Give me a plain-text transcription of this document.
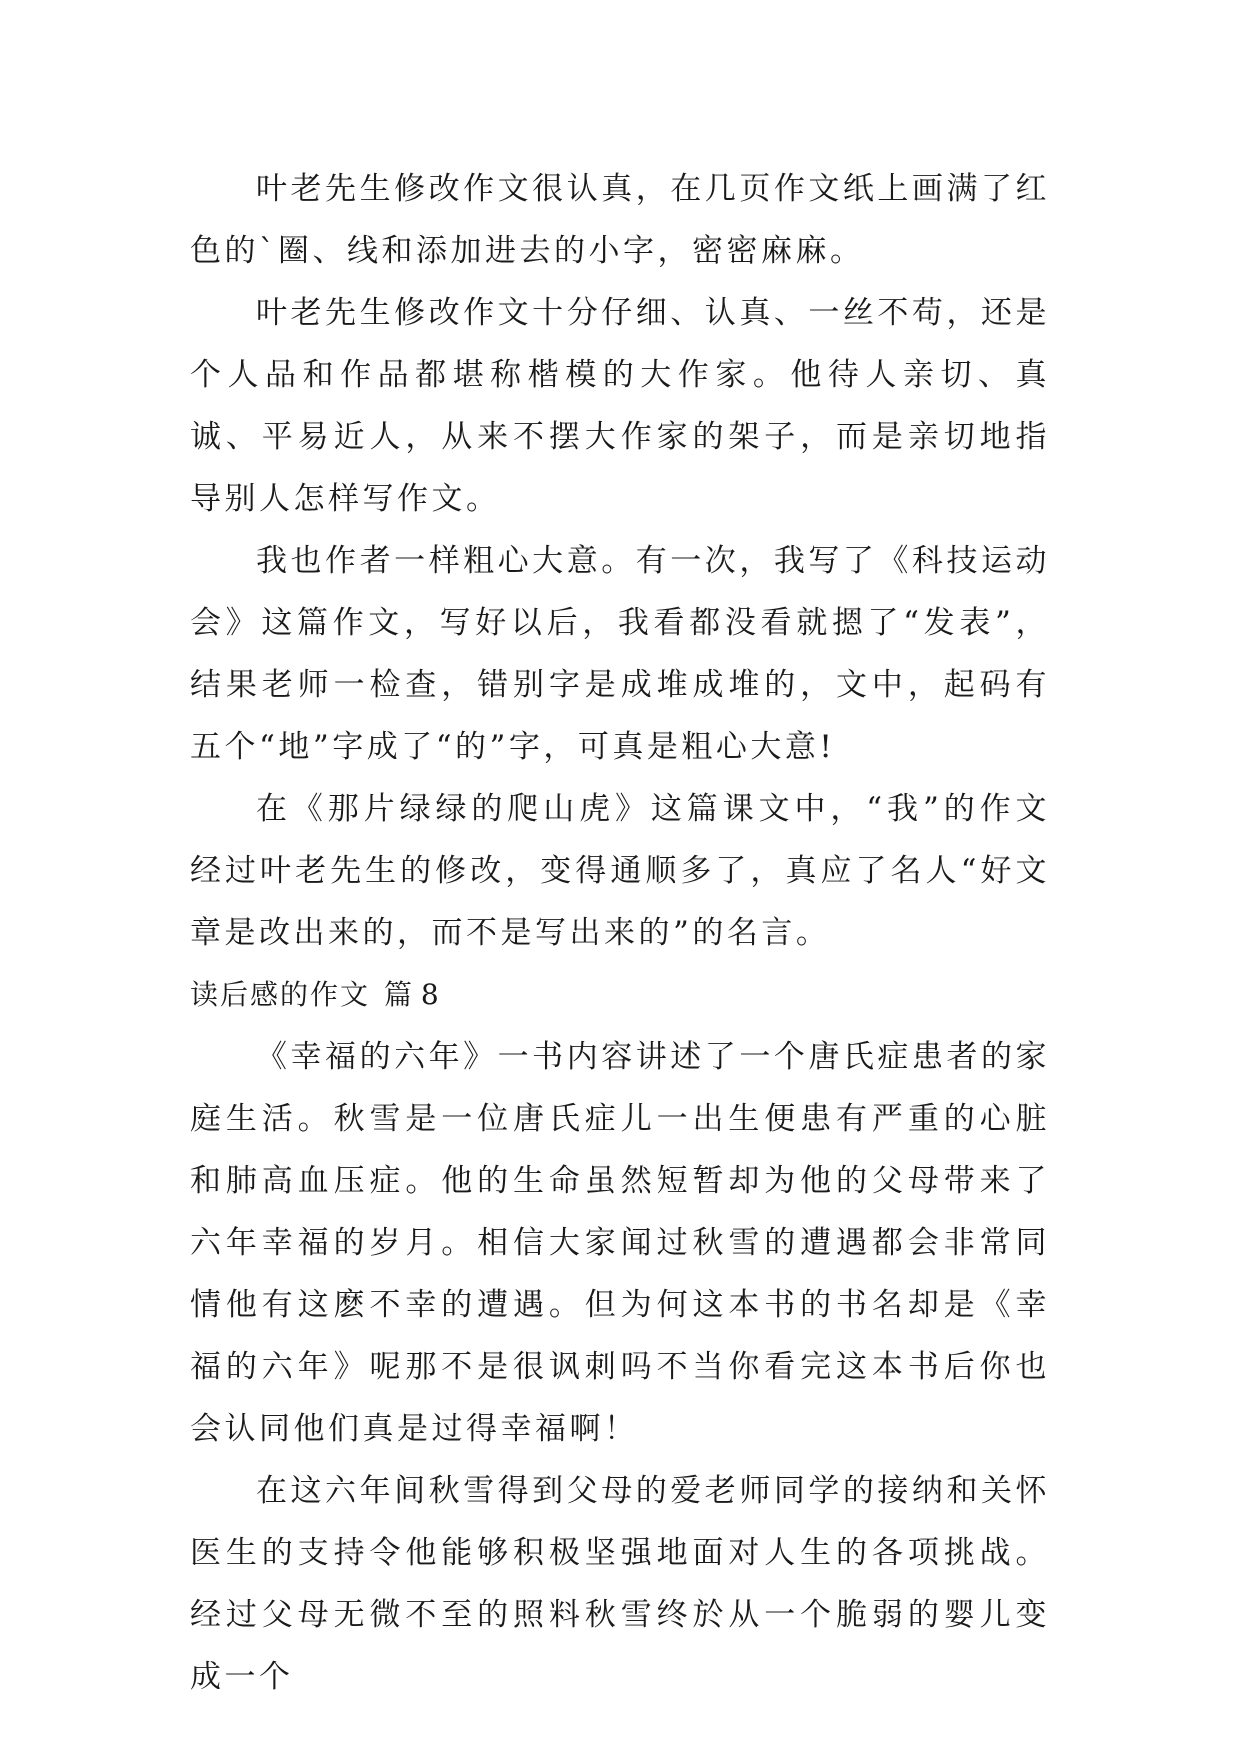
叶老先生修改作文很认真，在几页作文纸上画满了红色的`圈、线和添加进去的小字，密密麻麻。

叶老先生修改作文十分仔细、认真、一丝不苟，还是个人品和作品都堪称楷模的大作家。他待人亲切、真诚、平易近人，从来不摆大作家的架子，而是亲切地指导别人怎样写作文。

我也作者一样粗心大意。有一次，我写了《科技运动会》这篇作文，写好以后，我看都没看就摁了“发表”，结果老师一检查，错别字是成堆成堆的，文中，起码有五个“地”字成了“的”字，可真是粗心大意!

在《那片绿绿的爬山虎》这篇课文中，“我”的作文经过叶老先生的修改，变得通顺多了，真应了名人“好文章是改出来的，而不是写出来的”的名言。

读后感的作文 篇 8

《幸福的六年》一书内容讲述了一个唐氏症患者的家庭生活。秋雪是一位唐氏症儿一出生便患有严重的心脏和肺高血压症。他的生命虽然短暂却为他的父母带来了六年幸福的岁月。相信大家闻过秋雪的遭遇都会非常同情他有这麽不幸的遭遇。但为何这本书的书名却是《幸福的六年》呢那不是很讽刺吗不当你看完这本书后你也会认同他们真是过得幸福啊！

在这六年间秋雪得到父母的爱老师同学的接纳和关怀医生的支持令他能够积极坚强地面对人生的各项挑战。经过父母无微不至的照料秋雪终於从一个脆弱的婴儿变成一个
